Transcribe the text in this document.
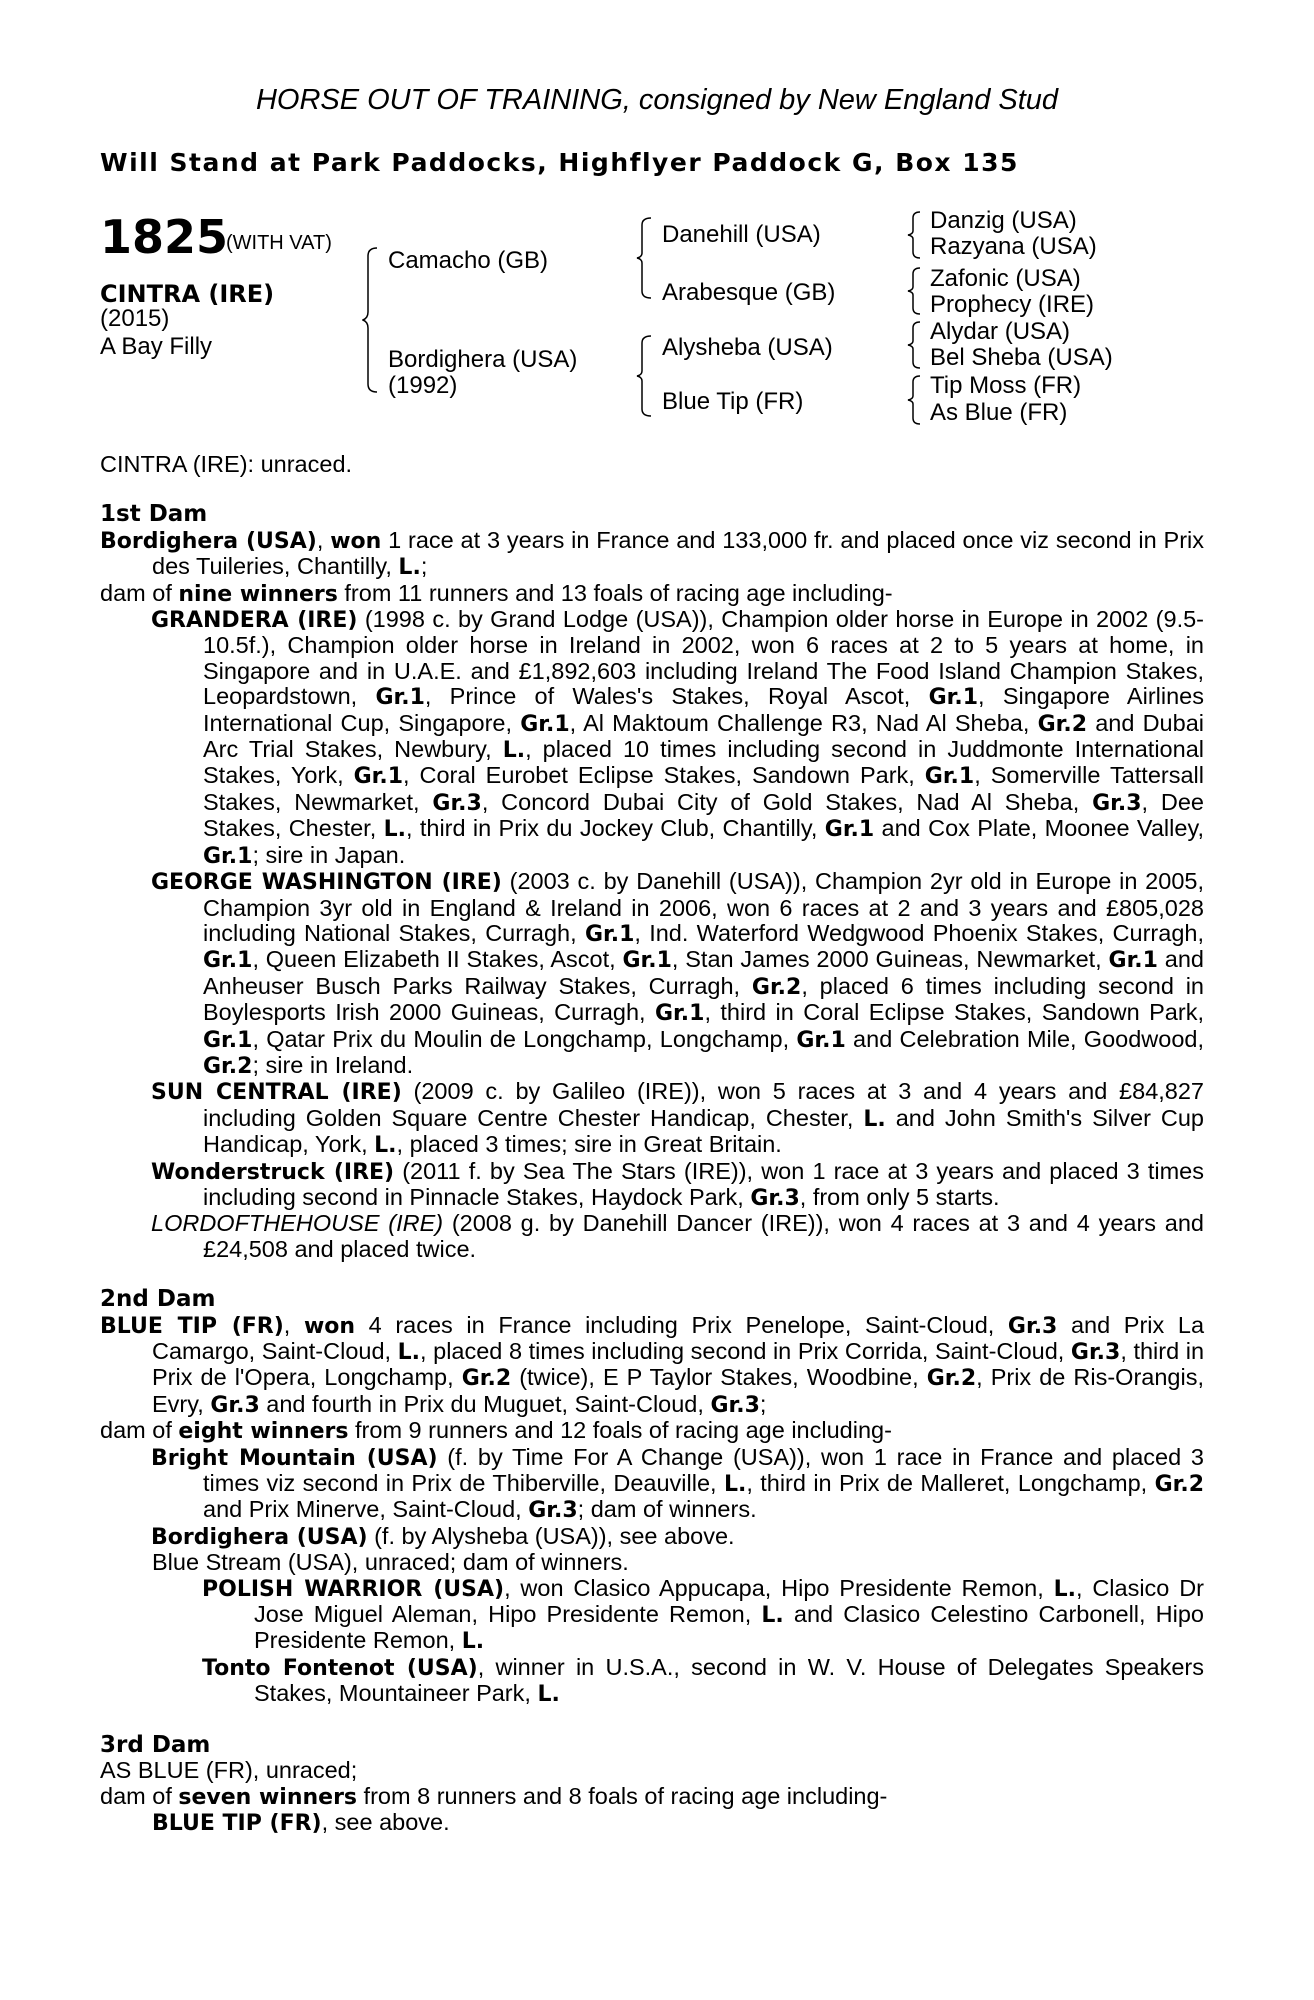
HORSE OUT OF TRAINING, consigned by New England Stud
Will Stand at Park Paddocks, Highflyer Paddock G, Box 135
1825
(WITH VAT)
CINTRA (IRE)
(2015)
A Bay Filly
Camacho (GB)
Bordighera (USA)
(1992)
Danehill (USA)
Arabesque (GB)
Alysheba (USA)
Blue Tip (FR)
Danzig (USA)
Razyana (USA)
Zafonic (USA)
Prophecy (IRE)
Alydar (USA)
Bel Sheba (USA)
Tip Moss (FR)
As Blue (FR)

CINTRA (IRE): unraced.

1st Dam

Bordighera (USA), won 1 race at 3 years in France and 133,000 fr. and placed once viz second in Prix des Tuileries, Chantilly, L.;

dam of nine winners from 11 runners and 13 foals of racing age including-

GRANDERA (IRE) (1998 c. by Grand Lodge (USA)), Champion older horse in Europe in 2002 (9.5-10.5f.), Champion older horse in Ireland in 2002, won 6 races at 2 to 5 years at home, in Singapore and in U.A.E. and £1,892,603 including Ireland The Food Island Champion Stakes, Leopardstown, Gr.1, Prince of Wales's Stakes, Royal Ascot, Gr.1, Singapore Airlines International Cup, Singapore, Gr.1, Al Maktoum Challenge R3, Nad Al Sheba, Gr.2 and Dubai Arc Trial Stakes, Newbury, L., placed 10 times including second in Juddmonte International Stakes, York, Gr.1, Coral Eurobet Eclipse Stakes, Sandown Park, Gr.1, Somerville Tattersall Stakes, Newmarket, Gr.3, Concord Dubai City of Gold Stakes, Nad Al Sheba, Gr.3, Dee Stakes, Chester, L., third in Prix du Jockey Club, Chantilly, Gr.1 and Cox Plate, Moonee Valley, Gr.1; sire in Japan.

GEORGE WASHINGTON (IRE) (2003 c. by Danehill (USA)), Champion 2yr old in Europe in 2005, Champion 3yr old in England & Ireland in 2006, won 6 races at 2 and 3 years and £805,028 including National Stakes, Curragh, Gr.1, Ind. Waterford Wedgwood Phoenix Stakes, Curragh, Gr.1, Queen Elizabeth II Stakes, Ascot, Gr.1, Stan James 2000 Guineas, Newmarket, Gr.1 and Anheuser Busch Parks Railway Stakes, Curragh, Gr.2, placed 6 times including second in Boylesports Irish 2000 Guineas, Curragh, Gr.1, third in Coral Eclipse Stakes, Sandown Park, Gr.1, Qatar Prix du Moulin de Longchamp, Longchamp, Gr.1 and Celebration Mile, Goodwood, Gr.2; sire in Ireland.

SUN CENTRAL (IRE) (2009 c. by Galileo (IRE)), won 5 races at 3 and 4 years and £84,827 including Golden Square Centre Chester Handicap, Chester, L. and John Smith's Silver Cup Handicap, York, L., placed 3 times; sire in Great Britain.

Wonderstruck (IRE) (2011 f. by Sea The Stars (IRE)), won 1 race at 3 years and placed 3 times including second in Pinnacle Stakes, Haydock Park, Gr.3, from only 5 starts.

LORDOFTHEHOUSE (IRE) (2008 g. by Danehill Dancer (IRE)), won 4 races at 3 and 4 years and £24,508 and placed twice.

2nd Dam

BLUE TIP (FR), won 4 races in France including Prix Penelope, Saint-Cloud, Gr.3 and Prix La Camargo, Saint-Cloud, L., placed 8 times including second in Prix Corrida, Saint-Cloud, Gr.3, third in Prix de l'Opera, Longchamp, Gr.2 (twice), E P Taylor Stakes, Woodbine, Gr.2, Prix de Ris-Orangis, Evry, Gr.3 and fourth in Prix du Muguet, Saint-Cloud, Gr.3;

dam of eight winners from 9 runners and 12 foals of racing age including-

Bright Mountain (USA) (f. by Time For A Change (USA)), won 1 race in France and placed 3 times viz second in Prix de Thiberville, Deauville, L., third in Prix de Malleret, Longchamp, Gr.2 and Prix Minerve, Saint-Cloud, Gr.3; dam of winners.

Bordighera (USA) (f. by Alysheba (USA)), see above.

Blue Stream (USA), unraced; dam of winners.

POLISH WARRIOR (USA), won Clasico Appucapa, Hipo Presidente Remon, L., Clasico Dr Jose Miguel Aleman, Hipo Presidente Remon, L. and Clasico Celestino Carbonell, Hipo Presidente Remon, L.

Tonto Fontenot (USA), winner in U.S.A., second in W. V. House of Delegates Speakers Stakes, Mountaineer Park, L.

3rd Dam

AS BLUE (FR), unraced;

dam of seven winners from 8 runners and 8 foals of racing age including-

BLUE TIP (FR), see above.
